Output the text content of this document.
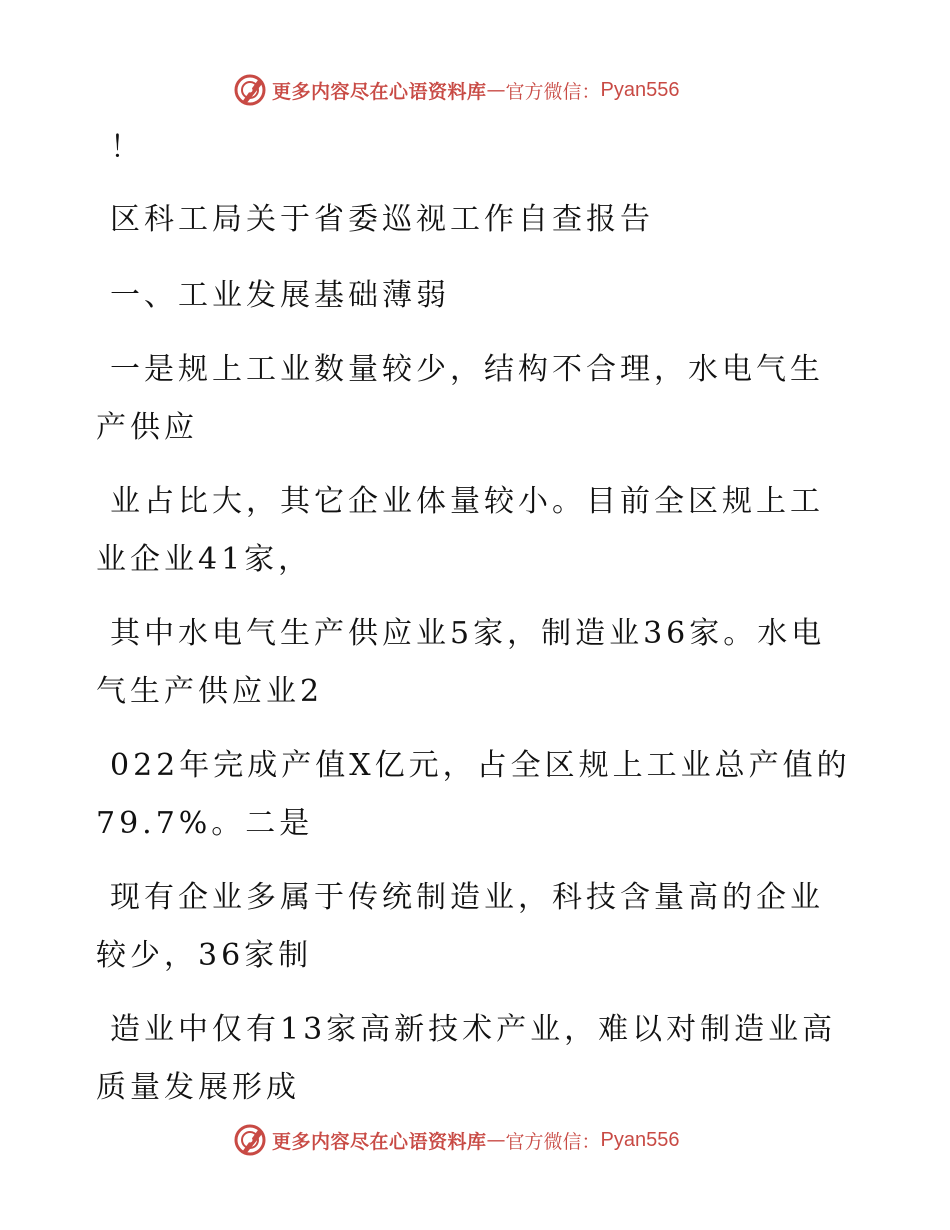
更多内容尽在心语资料库 — 官方微信： Pyan556
！
区科工局关于省委巡视工作自查报告
一、工业发展基础薄弱
一是规上工业数量较少，结构不合理，水电气生
产供应
业占比大，其它企业体量较小。目前全区规上工
业企业41家，
其中水电气生产供应业5家，制造业36家。水电
气生产供应业2
022年完成产值X亿元，占全区规上工业总产值的
79.7%。二是
现有企业多属于传统制造业，科技含量高的企业
较少，36家制
造业中仅有13家高新技术产业，难以对制造业高
质量发展形成
更多内容尽在心语资料库 — 官方微信： Pyan556
